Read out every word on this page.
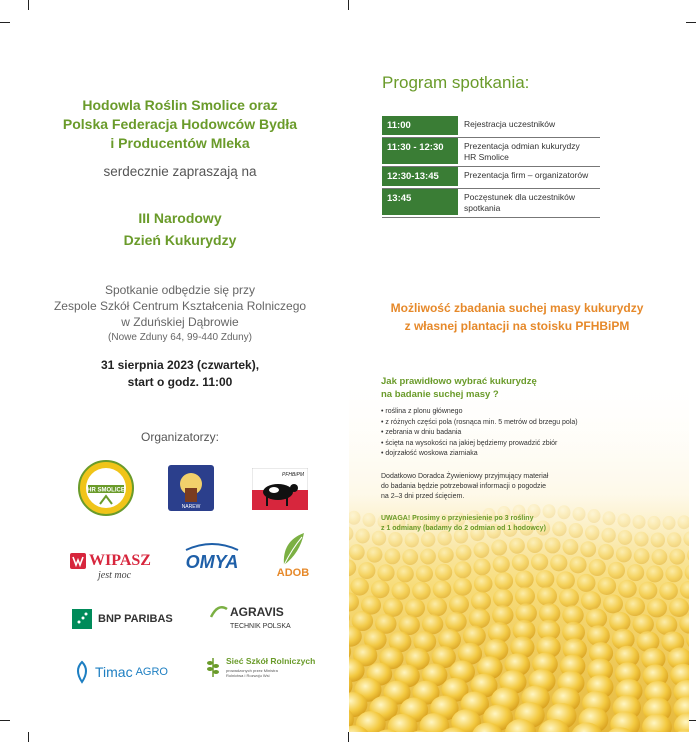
Hodowla Roślin Smolice oraz
Polska Federacja Hodowców Bydła
i Producentów Mleka
serdecznie zapraszają na
III Narodowy
Dzień Kukurydzy
Spotkanie odbędzie się przy
Zespole Szkół Centrum Kształcenia Rolniczego
w Zduńskiej Dąbrowie
(Nowe Zduny 64, 99-440 Zduny)
31 sierpnia 2023 (czwartek),
start o godz. 11:00
Organizatorzy:
HR SMOLICE
NAREW
PFHBiPM
WIPASZ
jest moc
OMYA
ADOB
BNP PARIBAS
AGRAVIS
TECHNIK POLSKA
Timac AGRO
Sieć Szkół Rolniczych
prowadzonych przez Ministra Rolnictwa i Rozwoju Wsi
Program spotkania:
11:00	Rejestracja uczestników
11:30 - 12:30	Prezentacja odmian kukurydzy HR Smolice
12:30-13:45	Prezentacja firm – organizatorów
13:45	Poczęstunek dla uczestników spotkania
Możliwość zbadania suchej masy kukurydzy
z własnej plantacji na stoisku PFHBiPM
Jak prawidłowo wybrać kukurydzę
na badanie suchej masy ?
• roślina z plonu głównego
• z różnych części pola (rosnąca min. 5 metrów od brzegu pola)
• zebrania w dniu badania
• ścięta na wysokości na jakiej będziemy prowadzić zbiór
• dojrzałość woskowa ziarniaka
Dodatkowo Doradca Żywieniowy przyjmujący materiał
do badania będzie potrzebował informacji o pogodzie
na 2–3 dni przed ścięciem.
UWAGA! Prosimy o przyniesienie po 3 rośliny
z 1 odmiany (badamy do 2 odmian od 1 hodowcy)
